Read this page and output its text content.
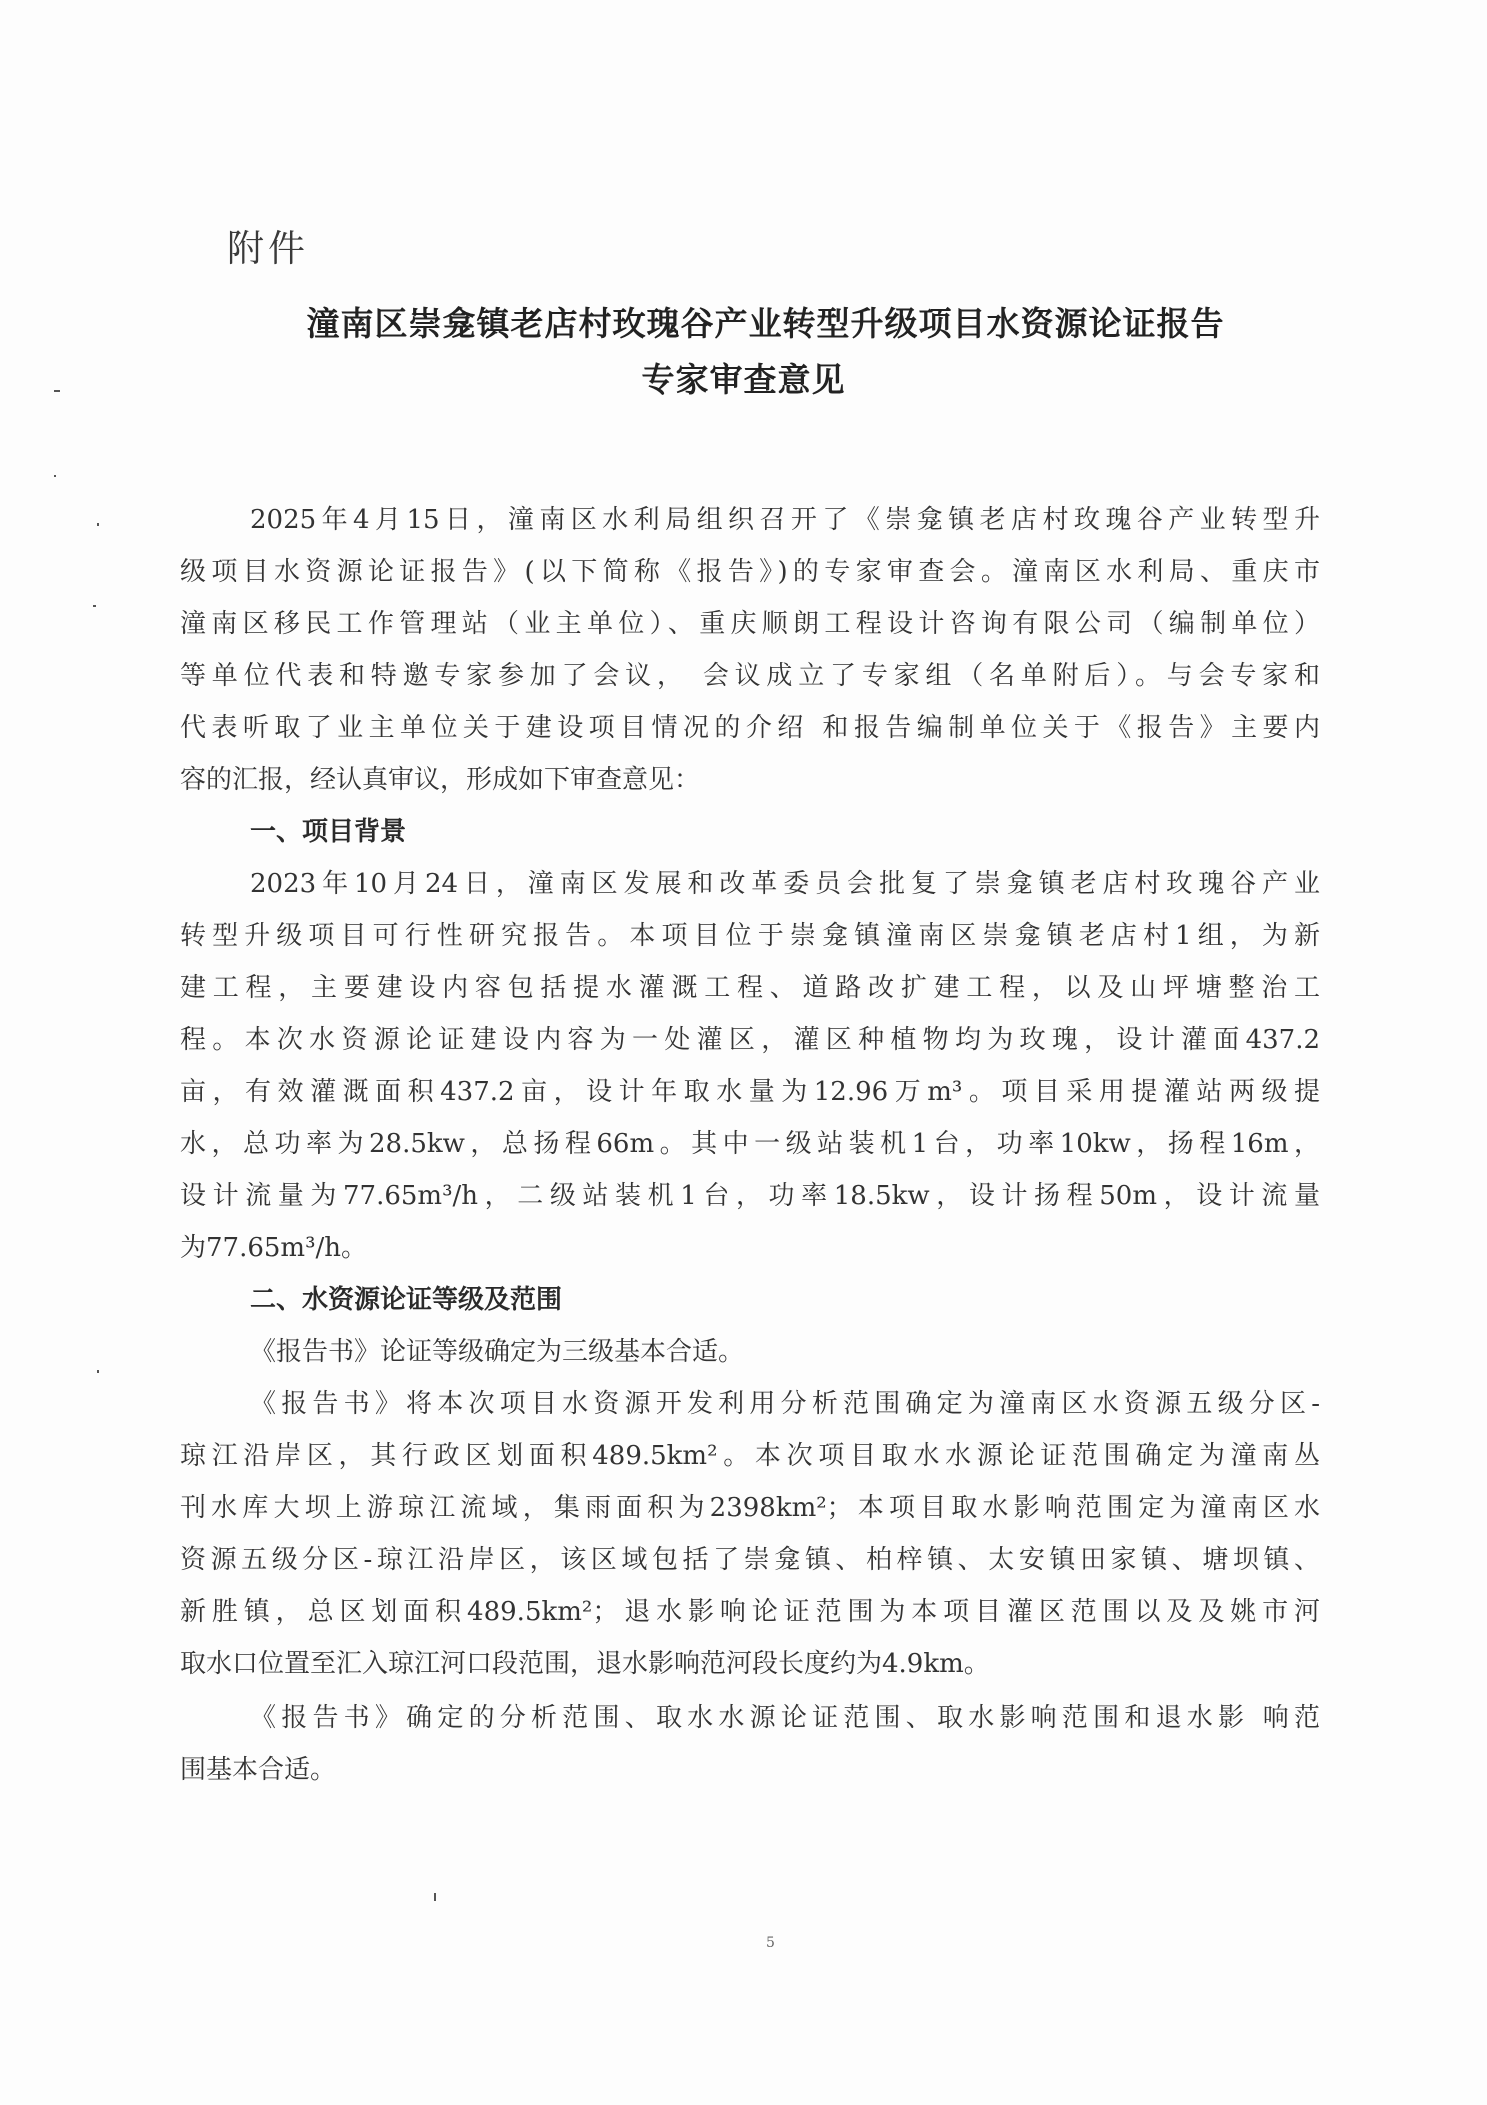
附件
潼南区崇龛镇老店村玫瑰谷产业转型升级项目水资源论证报告
专家审查意见
2025年4月15日，潼南区水利局组织召开了《崇龛镇老店村玫瑰谷产业转型升
级项目水资源论证报告》(以下简称《报告》)的专家审查会。潼南区水利局、重庆市
潼南区移民工作管理站（业主单位）、重庆顺朗工程设计咨询有限公司（编制单位）
等单位代表和特邀专家参加了会议， 会议成立了专家组（名单附后）。与会专家和
代表听取了业主单位关于建设项目情况的介绍 和报告编制单位关于《报告》主要内
容的汇报，经认真审议，形成如下审查意见：
一、项目背景
2023年10月24日，潼南区发展和改革委员会批复了崇龛镇老店村玫瑰谷产业
转型升级项目可行性研究报告。本项目位于崇龛镇潼南区崇龛镇老店村1组，为新
建工程，主要建设内容包括提水灌溉工程、道路改扩建工程，以及山坪塘整治工
程。本次水资源论证建设内容为一处灌区，灌区种植物均为玫瑰，设计灌面437.2
亩，有效灌溉面积437.2亩，设计年取水量为12.96万m³。项目采用提灌站两级提
水，总功率为28.5kw，总扬程66m。其中一级站装机1台，功率10kw，扬程16m，
设计流量为77.65m³/h，二级站装机1台，功率18.5kw，设计扬程50m，设计流量
为77.65m³/h。
二、水资源论证等级及范围
《报告书》论证等级确定为三级基本合适。
《报告书》将本次项目水资源开发利用分析范围确定为潼南区水资源五级分区-
琼江沿岸区，其行政区划面积489.5km²。本次项目取水水源论证范围确定为潼南丛
刊水库大坝上游琼江流域，集雨面积为2398km²；本项目取水影响范围定为潼南区水
资源五级分区-琼江沿岸区，该区域包括了崇龛镇、柏梓镇、太安镇田家镇、塘坝镇、
新胜镇，总区划面积489.5km²；退水影响论证范围为本项目灌区范围以及及姚市河
取水口位置至汇入琼江河口段范围，退水影响范河段长度约为4.9km。
《报告书》确定的分析范围、取水水源论证范围、取水影响范围和退水影 响范
围基本合适。
5
